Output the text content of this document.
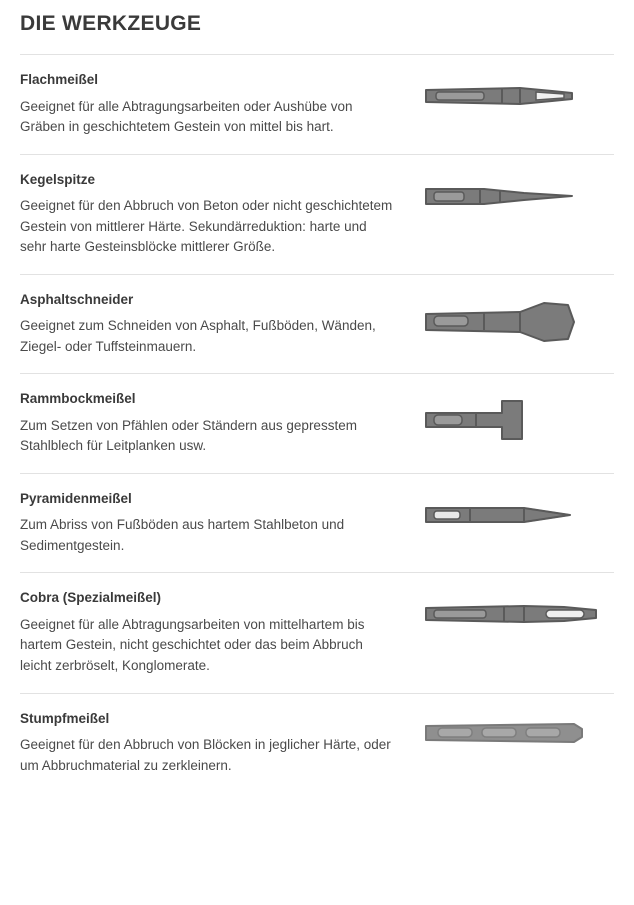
DIE WERKZEUGE

Flachmeißel

Geeignet für alle Abtragungsarbeiten oder Aushübe von Gräben in geschichtetem Gestein von mittel bis hart.

Kegelspitze

Geeignet für den Abbruch von Beton oder nicht geschichtetem Gestein von mittlerer Härte. Sekundärreduktion: harte und sehr harte Gesteinsblöcke mittlerer Größe.

Asphaltschneider

Geeignet zum Schneiden von Asphalt, Fußböden, Wänden, Ziegel- oder Tuffsteinmauern.

Rammbockmeißel

Zum Setzen von Pfählen oder Ständern aus gepresstem Stahlblech für Leitplanken usw.

Pyramidenmeißel

Zum Abriss von Fußböden aus hartem Stahlbeton und Sedimentgestein.

Cobra (Spezialmeißel)

Geeignet für alle Abtragungsarbeiten von mittelhartem bis hartem Gestein, nicht geschichtet oder das beim Abbruch leicht zerbröselt, Konglomerate.

Stumpfmeißel

Geeignet für den Abbruch von Blöcken in jeglicher Härte, oder um Abbruchmaterial zu zerkleinern.
